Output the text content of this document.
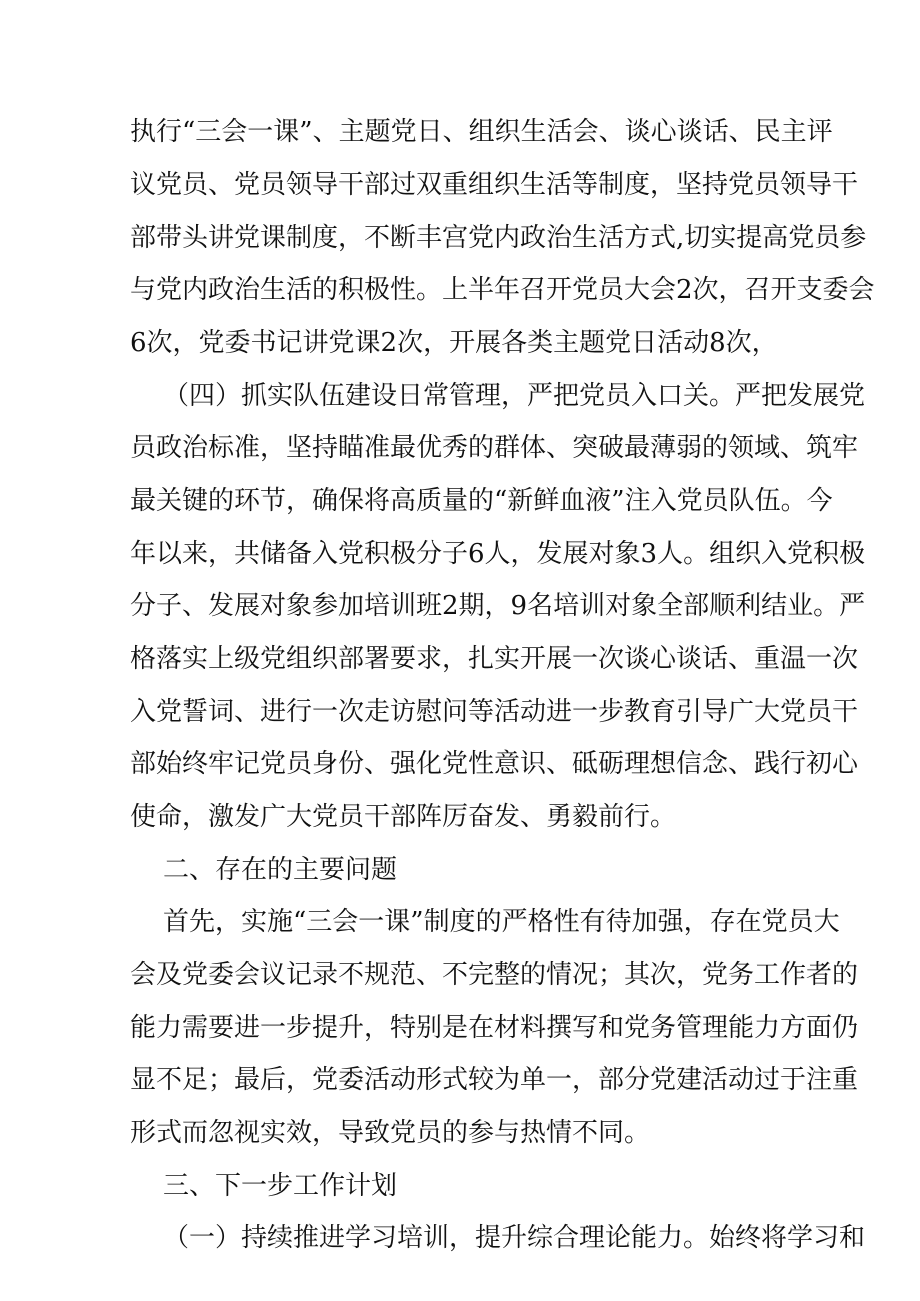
执行“三会一课”、主题党日、组织生活会、谈心谈话、民主评
议党员、党员领导干部过双重组织生活等制度，坚持党员领导干
部带头讲党课制度，不断丰宫党内政治生活方式,切实提高党员参
与党内政治生活的积极性。上半年召开党员大会2次，召开支委会
6次，党委书记讲党课2次，开展各类主题党日活动8次，
（四）抓实队伍建设日常管理，严把党员入口关。严把发展党
员政治标准，坚持瞄准最优秀的群体、突破最薄弱的领域、筑牢
最关键的环节，确保将高质量的“新鲜血液”注入党员队伍。今
年以来，共储备入党积极分子6人，发展对象3人。组织入党积极
分子、发展对象参加培训班2期，9名培训对象全部顺利结业。严
格落实上级党组织部署要求，扎实开展一次谈心谈话、重温一次
入党誓词、进行一次走访慰问等活动进一步教育引导广大党员干
部始终牢记党员身份、强化党性意识、砥砺理想信念、践行初心
使命，激发广大党员干部阵厉奋发、勇毅前行。
二、存在的主要问题
首先，实施“三会一课”制度的严格性有待加强，存在党员大
会及党委会议记录不规范、不完整的情况；其次，党务工作者的
能力需要进一步提升，特别是在材料撰写和党务管理能力方面仍
显不足；最后，党委活动形式较为单一，部分党建活动过于注重
形式而忽视实效，导致党员的参与热情不同。
三、下一步工作计划
（一）持续推进学习培训，提升综合理论能力。始终将学习和
